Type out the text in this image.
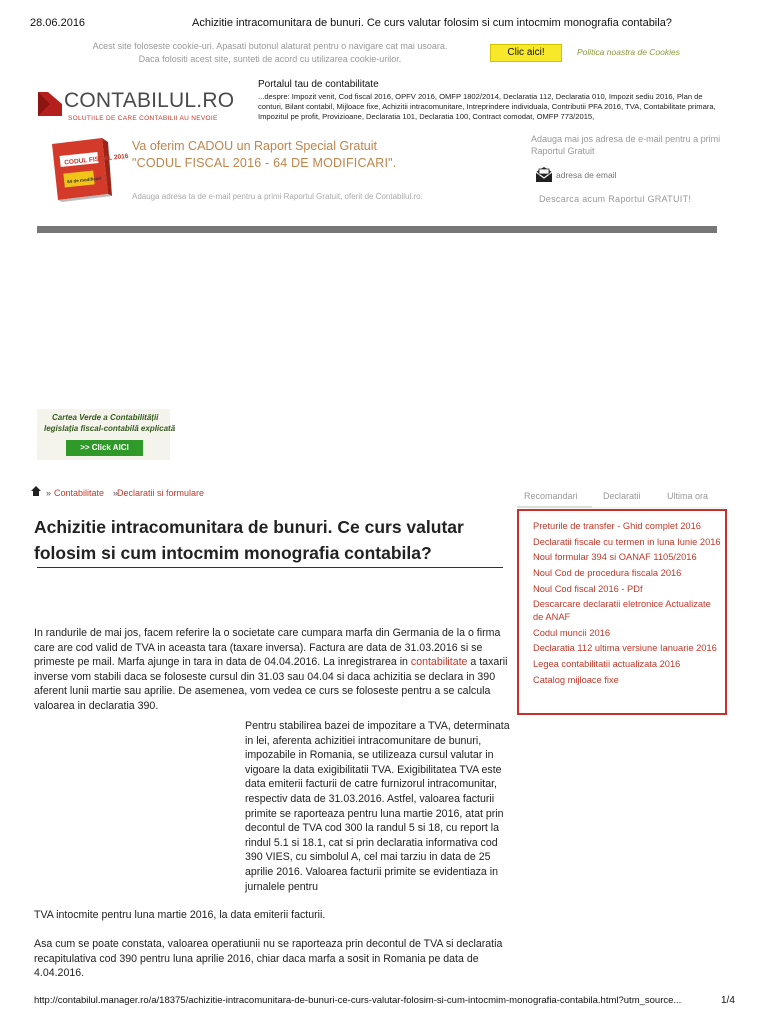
28.06.2016	Achizitie intracomunitara de bunuri. Ce curs valutar folosim si cum intocmim monografia contabila?
Acest site foloseste cookie-uri. Apasati butonul alaturat pentru o navigare cat mai usoara.
Daca folositi acest site, sunteti de acord cu utilizarea cookie-urilor.
Clic aici!	Politica noastra de Cookies
CONTABILUL.RO
SOLUTIILE DE CARE CONTABILII AU NEVOIE
Portalul tau de contabilitate
...despre: Impozit venit, Cod fiscal 2016, OPFV 2016, OMFP 1802/2014, Declaratia 112, Declaratia 010, Impozit sediu 2016, Plan de conturi, Bilant contabil, Mijloace fixe, Achizitii intracomunitare, Intreprindere individuala, Contributii PFA 2016, TVA, Contabilitate primara, Impozitul pe profit, Provizioane, Declaratia 101, Declaratia 100, Contract comodat, OMFP 773/2015,
CODUL FISCAL 2016
64 de modificari
Va oferim CADOU un Raport Special Gratuit
"CODUL FISCAL 2016 - 64 DE MODIFICARI".
Adauga adresa ta de e-mail pentru a primi Raportul Gratuit, oferit de Contabilul.ro.
Adauga mai jos adresa de e-mail pentru a primi Raportul Gratuit
adresa de email
Descarca acum Raportul GRATUIT!
Cartea Verde a Contabilității
legislația fiscal-contabilă explicată
>> Click AICI
» Contabilitate »
Declaratii si formulare
Achizitie intracomunitara de bunuri. Ce curs valutar folosim si cum intocmim monografia contabila?
In randurile de mai jos, facem referire la o societate care cumpara marfa din Germania de la o firma care are cod valid de TVA in aceasta tara (taxare inversa). Factura are data de 31.03.2016 si se primeste pe mail. Marfa ajunge in tara in data de 04.04.2016. La inregistrarea in contabilitate a taxarii inverse vom stabili daca se foloseste cursul din 31.03 sau 04.04 si daca achizitia se declara in 390 aferent lunii martie sau aprilie. De asemenea, vom vedea ce curs se foloseste pentru a se calcula valoarea in declaratia 390.
Pentru stabilirea bazei de impozitare a TVA, determinata in lei, aferenta achizitiei intracomunitare de bunuri, impozabile in Romania, se utilizeaza cursul valutar in vigoare la data exigibilitatii TVA. Exigibilitatea TVA este data emiterii facturii de catre furnizorul intracomunitar, respectiv data de 31.03.2016. Astfel, valoarea facturii primite se raporteaza pentru luna martie 2016, atat prin decontul de TVA cod 300 la randul 5 si 18, cu report la rindul 5.1 si 18.1, cat si prin declaratia informativa cod 390 VIES, cu simbolul A, cel mai tarziu in data de 25 aprilie 2016. Valoarea facturii primite se evidentiaza in jurnalele pentru
TVA intocmite pentru luna martie 2016, la data emiterii facturii.
Asa cum se poate constata, valoarea operatiunii nu se raporteaza prin decontul de TVA si declaratia recapitulativa cod 390 pentru luna aprilie 2016, chiar daca marfa a sosit in Romania pe data de 4.04.2016.
Recomandari	Declaratii	Ultima ora
Preturile de transfer - Ghid complet 2016
Declaratii fiscale cu termen in luna Iunie 2016
Noul formular 394 si OANAF 1105/2016
Noul Cod de procedura fiscala 2016
Noul Cod fiscal 2016 - PDf
Descarcare declaratii eletronice Actualizate de ANAF
Codul muncii 2016
Declaratia 112 ultima versiune Ianuarie 2016
Legea contabilitatii actualizata 2016
Catalog mijloace fixe
http://contabilul.manager.ro/a/18375/achizitie-intracomunitara-de-bunuri-ce-curs-valutar-folosim-si-cum-intocmim-monografia-contabila.html?utm_source...	1/4
